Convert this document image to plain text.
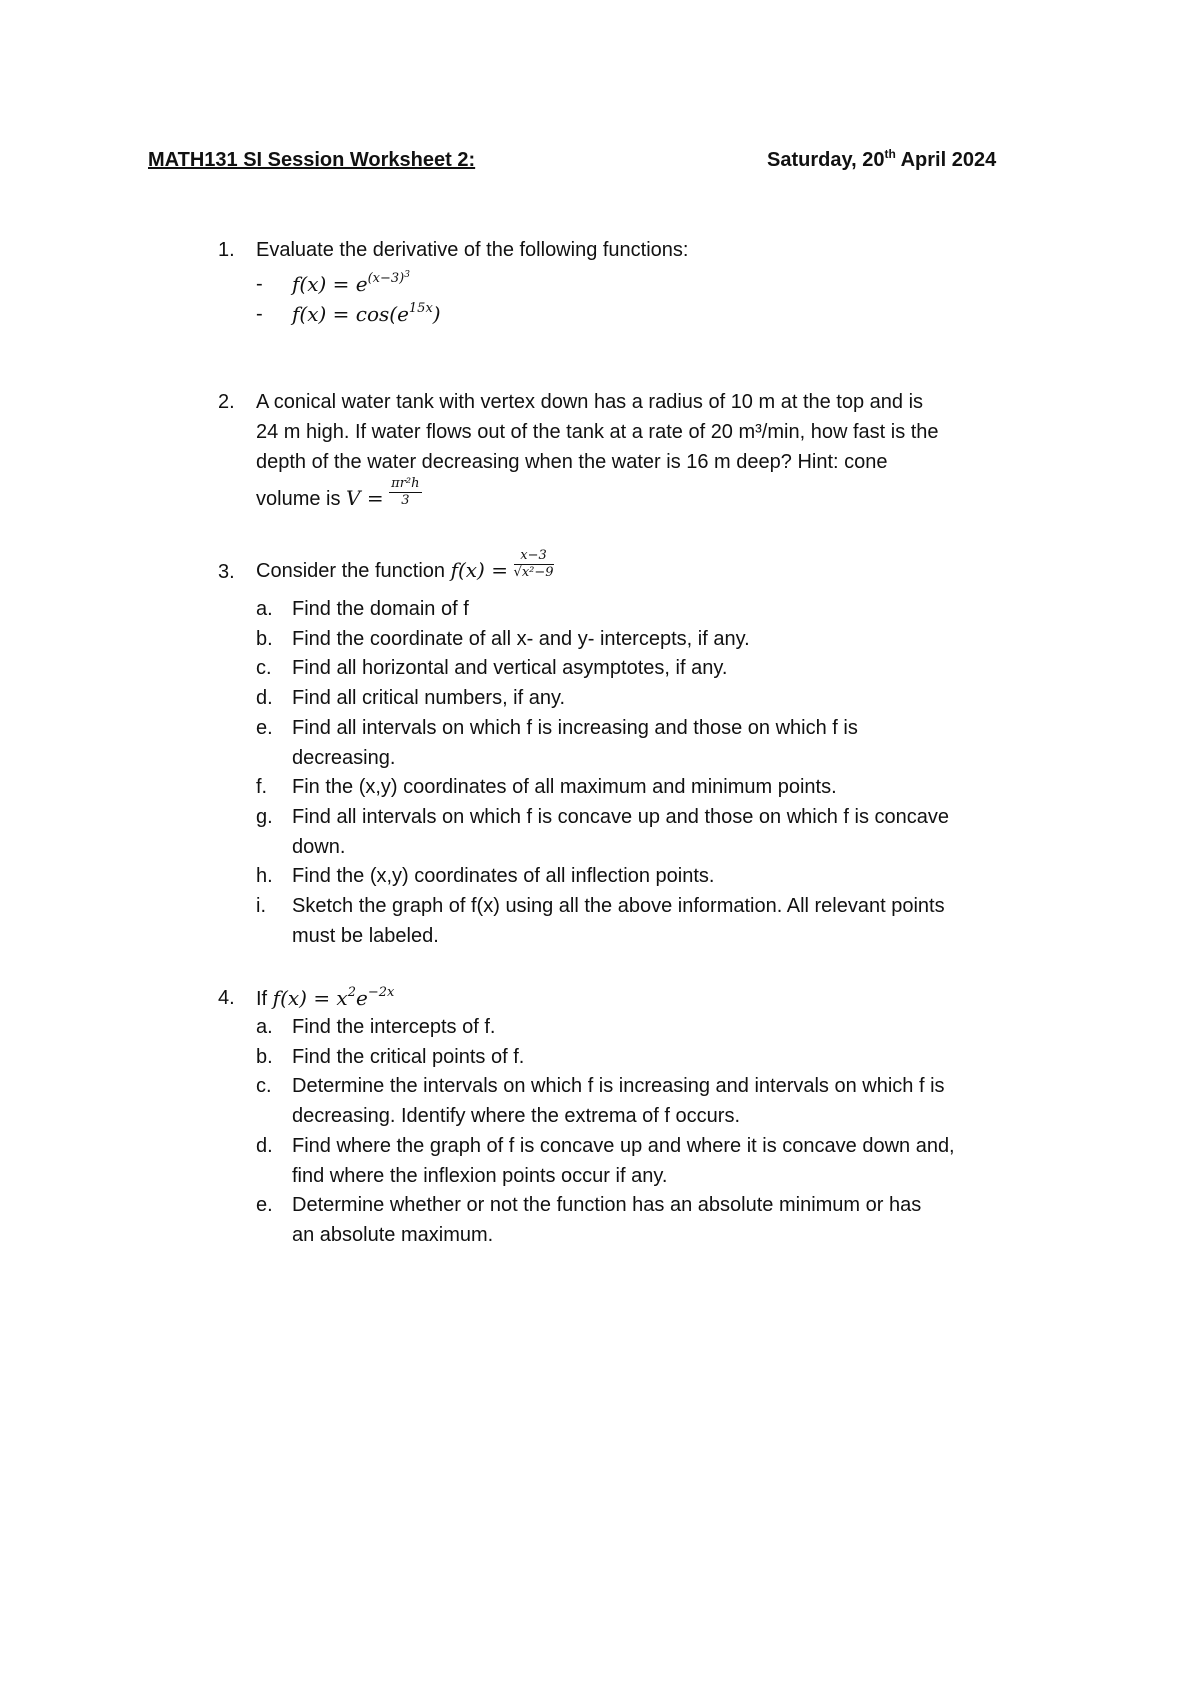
MATH131 SI Session Worksheet 2:	Saturday, 20th April 2024
1. Evaluate the derivative of the following functions:
- $f(x) = e^{(x-3)^3}$
- $f(x) = \cos(e^{15x})$
2. A conical water tank with vertex down has a radius of 10 m at the top and is
24 m high. If water flows out of the tank at a rate of 20 m³/min, how fast is the
depth of the water decreasing when the water is 16 m deep? Hint: cone
volume is $V = \frac{\text{πr²h}}{3}$
3. Consider the function $f(x) = \frac{x-3}{\text{√x²−9}}$
a. Find the domain of f
b. Find the coordinate of all x- and y- intercepts, if any.
c. Find all horizontal and vertical asymptotes, if any.
d. Find all critical numbers, if any.
e. Find all intervals on which f is increasing and those on which f is
decreasing.
f. Fin the (x,y) coordinates of all maximum and minimum points.
g. Find all intervals on which f is concave up and those on which f is concave
down.
h. Find the (x,y) coordinates of all inflection points.
i. Sketch the graph of f(x) using all the above information. All relevant points
must be labeled.
4. If $f(x) = x^2e^{-2x}$
a. Find the intercepts of f.
b. Find the critical points of f.
c. Determine the intervals on which f is increasing and intervals on which f is
decreasing. Identify where the extrema of f occurs.
d. Find where the graph of f is concave up and where it is concave down and,
find where the inflexion points occur if any.
e. Determine whether or not the function has an absolute minimum or has
an absolute maximum.
